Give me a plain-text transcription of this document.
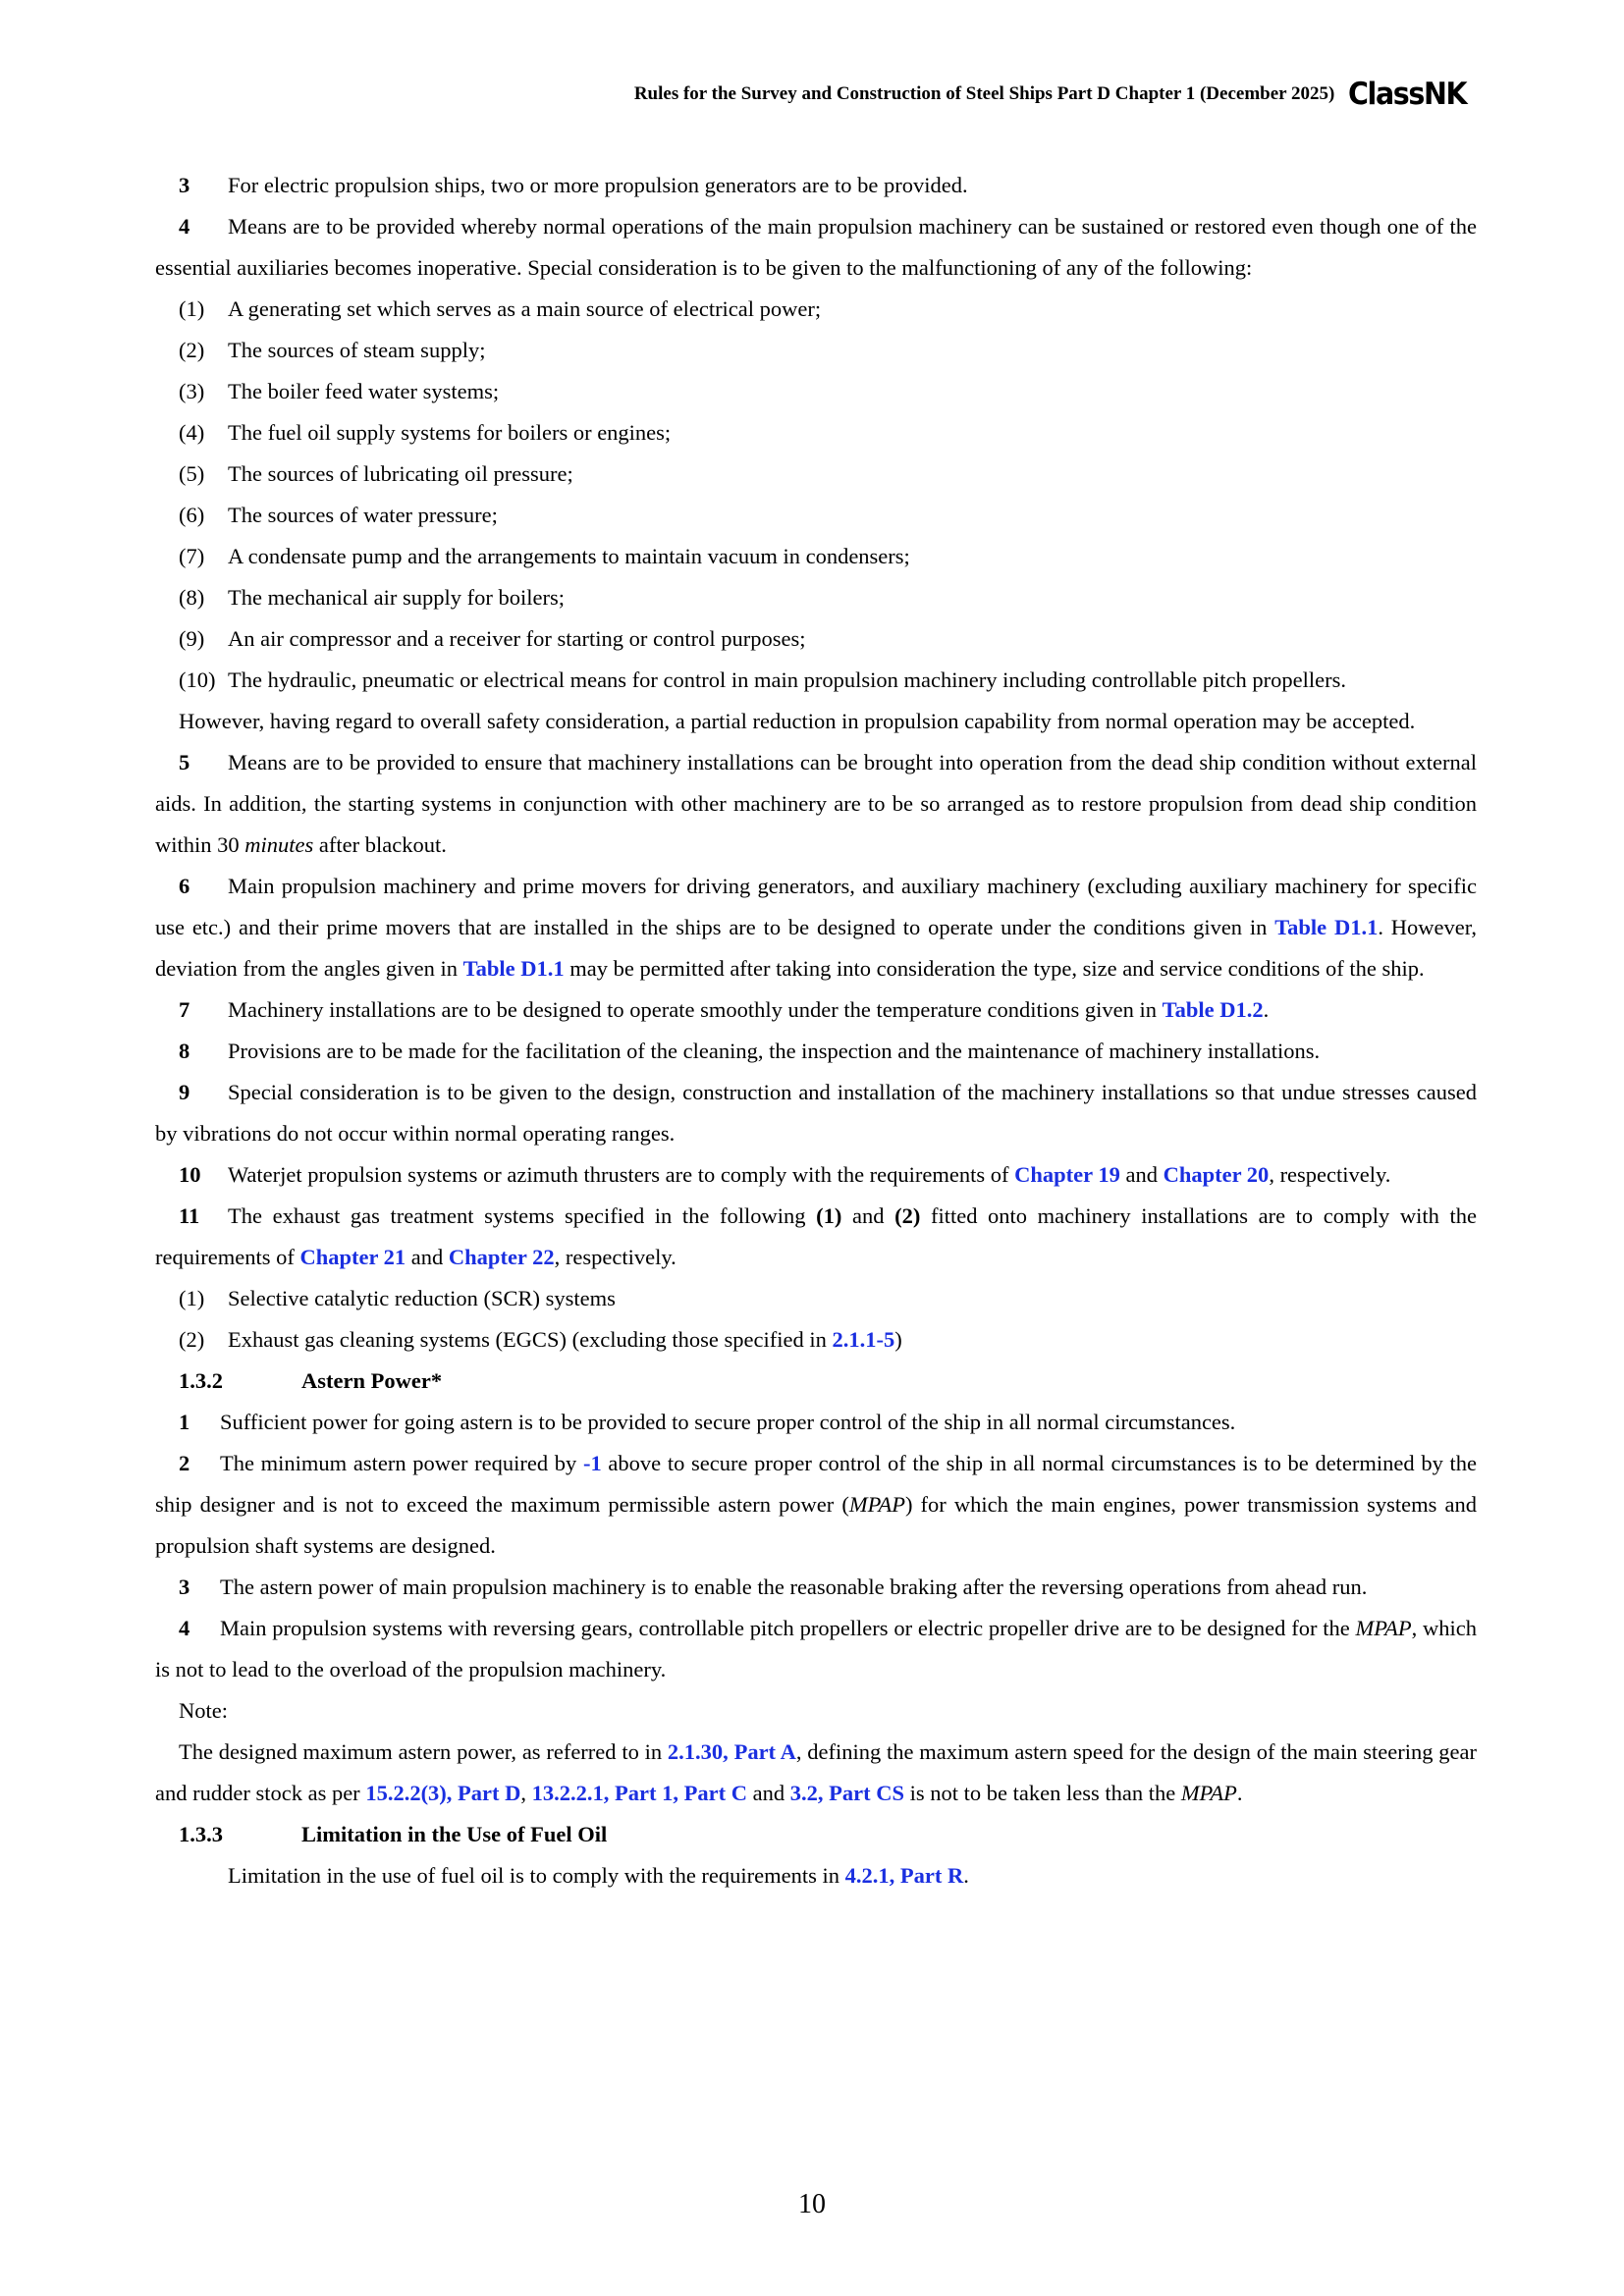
Rules for the Survey and Construction of Steel Ships Part D Chapter 1 (December 2025) ClassNK

3 For electric propulsion ships, two or more propulsion generators are to be provided.

4 Means are to be provided whereby normal operations of the main propulsion machinery can be sustained or restored even though one of the essential auxiliaries becomes inoperative. Special consideration is to be given to the malfunctioning of any of the following:

(1)	A generating set which serves as a main source of electrical power;

(2)	The sources of steam supply;

(3)	The boiler feed water systems;

(4)	The fuel oil supply systems for boilers or engines;

(5)	The sources of lubricating oil pressure;

(6)	The sources of water pressure;

(7)	A condensate pump and the arrangements to maintain vacuum in condensers;

(8)	The mechanical air supply for boilers;

(9)	An air compressor and a receiver for starting or control purposes;

(10) The hydraulic, pneumatic or electrical means for control in main propulsion machinery including controllable pitch propellers.

However, having regard to overall safety consideration, a partial reduction in propulsion capability from normal operation may be accepted.

5 Means are to be provided to ensure that machinery installations can be brought into operation from the dead ship condition without external aids. In addition, the starting systems in conjunction with other machinery are to be so arranged as to restore propulsion from dead ship condition within 30 minutes after blackout.

6 Main propulsion machinery and prime movers for driving generators, and auxiliary machinery (excluding auxiliary machinery for specific use etc.) and their prime movers that are installed in the ships are to be designed to operate under the conditions given in Table D1.1. However, deviation from the angles given in Table D1.1 may be permitted after taking into consideration the type, size and service conditions of the ship.

7 Machinery installations are to be designed to operate smoothly under the temperature conditions given in Table D1.2.

8 Provisions are to be made for the facilitation of the cleaning, the inspection and the maintenance of machinery installations.

9 Special consideration is to be given to the design, construction and installation of the machinery installations so that undue stresses caused by vibrations do not occur within normal operating ranges.

10 Waterjet propulsion systems or azimuth thrusters are to comply with the requirements of Chapter 19 and Chapter 20, respectively.

11 The exhaust gas treatment systems specified in the following (1) and (2) fitted onto machinery installations are to comply with the requirements of Chapter 21 and Chapter 22, respectively.

(1)	Selective catalytic reduction (SCR) systems

(2)	Exhaust gas cleaning systems (EGCS) (excluding those specified in 2.1.1-5)

1.3.2	Astern Power*

1 Sufficient power for going astern is to be provided to secure proper control of the ship in all normal circumstances.

2 The minimum astern power required by -1 above to secure proper control of the ship in all normal circumstances is to be determined by the ship designer and is not to exceed the maximum permissible astern power (MPAP) for which the main engines, power transmission systems and propulsion shaft systems are designed.

3 The astern power of main propulsion machinery is to enable the reasonable braking after the reversing operations from ahead run.

4 Main propulsion systems with reversing gears, controllable pitch propellers or electric propeller drive are to be designed for the MPAP, which is not to lead to the overload of the propulsion machinery.

Note:

The designed maximum astern power, as referred to in 2.1.30, Part A, defining the maximum astern speed for the design of the main steering gear and rudder stock as per 15.2.2(3), Part D, 13.2.2.1, Part 1, Part C and 3.2, Part CS is not to be taken less than the MPAP.

1.3.3	Limitation in the Use of Fuel Oil

Limitation in the use of fuel oil is to comply with the requirements in 4.2.1, Part R.

10
